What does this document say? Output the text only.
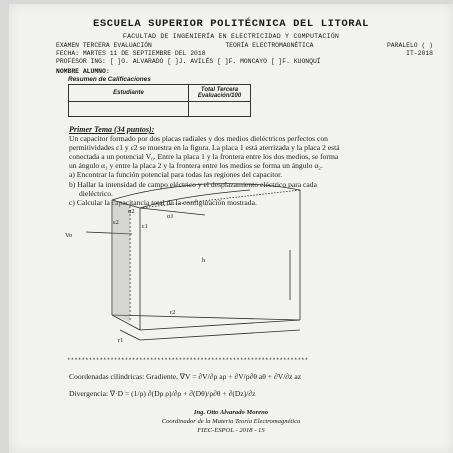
ESCUELA SUPERIOR POLITÉCNICA DEL LITORAL
FACULTAD DE INGENIERÍA EN ELECTRICIDAD Y COMPUTACIÓN
EXAMEN TERCERA EVALUACIÓN	TEORÍA ELECTROMAGNÉTICA	PARALELO ( )
FECHA: MARTES 11 DE SEPTIEMBRE DEL 2018	IT-2018
PROFESOR ING: [ ]O. ALVARADO [ ]J. AVILÉS [ ]F. MONCAYO [ ]F. KUONQUÍ
NOMBRE ALUMNO:
Resumen de Calificaciones
Estudiante	Total Tercera
Evaluación/100

Primer Tema (34 puntos):
Un capacitor formado por dos placas radiales y dos medios dieléctricos perfectos con
permitividades ε1 y ε2 se muestra en la figura. La placa 1 está aterrizada y la placa 2 está
conectada a un potencial V₀. Entre la placa 1 y la frontera entre los dos medios, se forma
un ángulo α₁ y entre la placa 2 y la frontera entre los medios se forma un ángulo α₂.
a) Encontrar la función potencial para todas las regiones del capacitor.
b) Hallar la intensidad de campo eléctrico y el desplazamiento eléctrico para cada
dieléctrico.
c) Calcular la capacitancia total de la configuración mostrada.
α2
α1
ε2
ε1
Vo
h
r1
r2
*******************************************************************
Coordenadas cilíndricas: Gradiente, ∇V = ∂V/∂ρ aρ + ∂V/ρ∂θ aθ + ∂V/∂z az
Divergencia: ∇·D = (1/ρ) ∂(Dρ ρ)/∂ρ + ∂(Dθ)/ρ∂θ + ∂(Dz)/∂z
Ing. Otto Alvarado Moreno
Coordinador de la Materia Teoría Electromagnética
FIEC-ESPOL - 2018 - 1S
